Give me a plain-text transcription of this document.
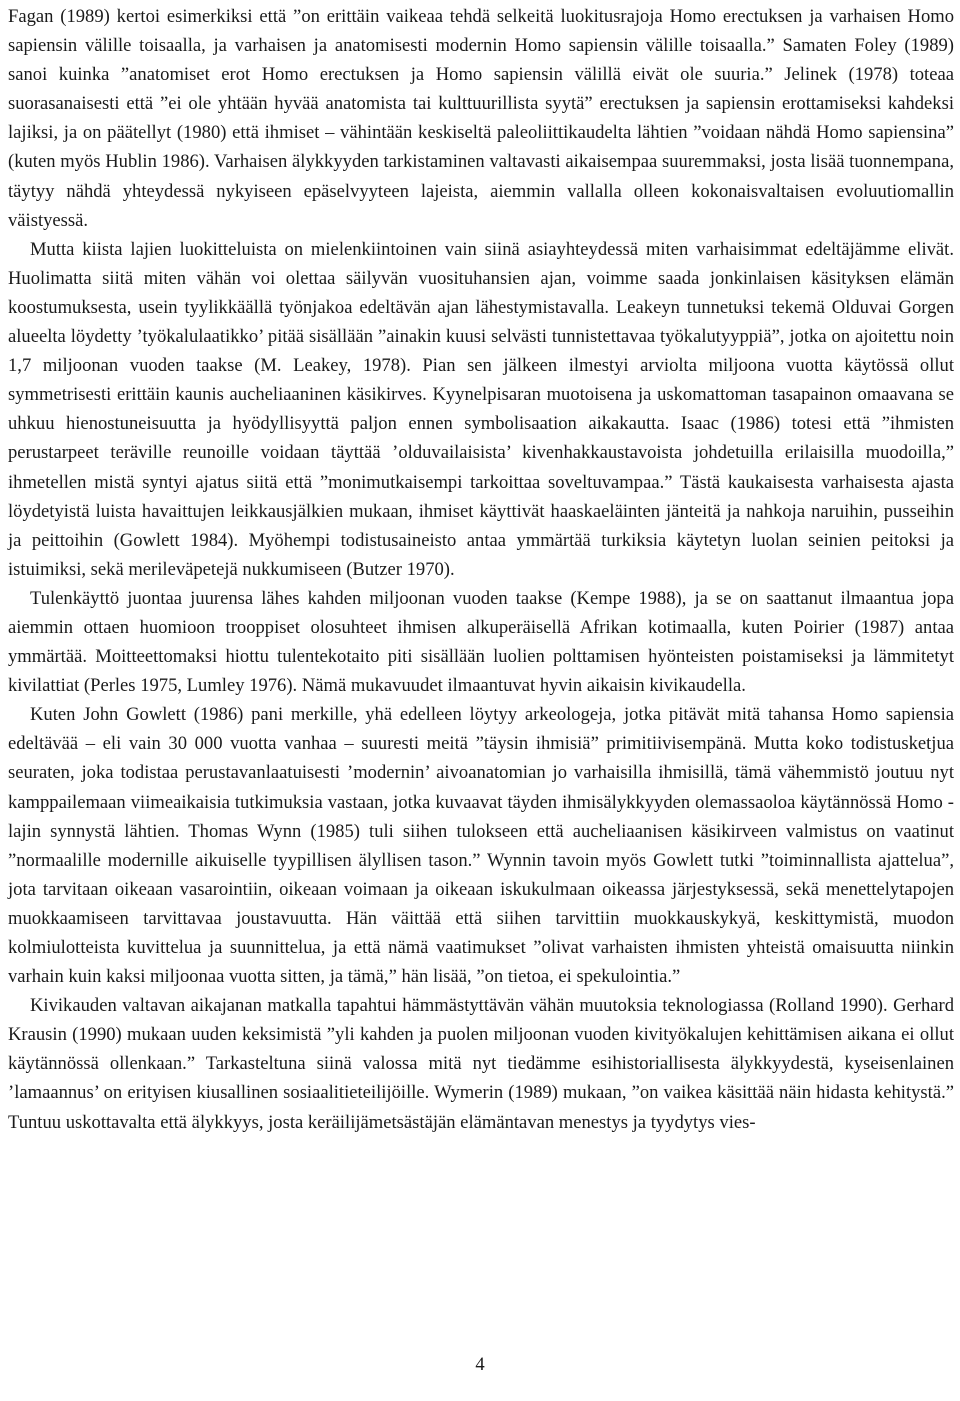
Fagan (1989) kertoi esimerkiksi että ”on erittäin vaikeaa tehdä selkeitä luokitusrajoja Homo erectuksen ja varhaisen Homo sapiensin välille toisaalla, ja varhaisen ja anatomisesti modernin Homo sapiensin välille toisaalla.” Samaten Foley (1989) sanoi kuinka ”anatomiset erot Homo erectuksen ja Homo sapiensin välillä eivät ole suuria.” Jelinek (1978) toteaa suorasanaisesti että ”ei ole yhtään hyvää anatomista tai kulttuurillista syytä” erectuksen ja sapiensin erottamiseksi kahdeksi lajiksi, ja on päätellyt (1980) että ihmiset – vähintään keskiseltä paleoliittikaudelta lähtien ”voidaan nähdä Homo sapiensina” (kuten myös Hublin 1986). Varhaisen älykkyyden tarkistaminen valtavasti aikaisempaa suuremmaksi, josta lisää tuonnempana, täytyy nähdä yhteydessä nykyiseen epäselvyyteen lajeista, aiemmin vallalla olleen kokonaisvaltaisen evoluutiomallin väistyessä.

Mutta kiista lajien luokitteluista on mielenkiintoinen vain siinä asiayhteydessä miten varhaisimmat edeltäjämme elivät. Huolimatta siitä miten vähän voi olettaa säilyvän vuosituhansien ajan, voimme saada jonkinlaisen käsityksen elämän koostumuksesta, usein tyylikkäällä työnjakoa edeltävän ajan lähestymistavalla. Leakeyn tunnetuksi tekemä Olduvai Gorgen alueelta löydetty ’työkalulaatikko’ pitää sisällään ”ainakin kuusi selvästi tunnistettavaa työkalutyyppiä”, jotka on ajoitettu noin 1,7 miljoonan vuoden taakse (M. Leakey, 1978). Pian sen jälkeen ilmestyi arviolta miljoona vuotta käytössä ollut symmetrisesti erittäin kaunis aucheliaaninen käsikirves. Kyynelpisaran muotoisena ja uskomattoman tasapainon omaavana se uhkuu hienostuneisuutta ja hyödyllisyyttä paljon ennen symbolisaation aikakautta. Isaac (1986) totesi että ”ihmisten perustarpeet teräville reunoille voidaan täyttää ’olduvailaisista’ kivenhakkaustavoista johdetuilla erilaisilla muodoilla,” ihmetellen mistä syntyi ajatus siitä että ”monimutkaisempi tarkoittaa soveltuvampaa.” Tästä kaukaisesta varhaisesta ajasta löydetyistä luista havaittujen leikkausjälkien mukaan, ihmiset käyttivät haaskaeläinten jänteitä ja nahkoja naruihin, pusseihin ja peittoihin (Gowlett 1984). Myöhempi todistusaineisto antaa ymmärtää turkiksia käytetyn luolan seinien peitoksi ja istuimiksi, sekä merileväpetejä nukkumiseen (Butzer 1970).

Tulenkäyttö juontaa juurensa lähes kahden miljoonan vuoden taakse (Kempe 1988), ja se on saattanut ilmaantua jopa aiemmin ottaen huomioon trooppiset olosuhteet ihmisen alkuperäisellä Afrikan kotimaalla, kuten Poirier (1987) antaa ymmärtää. Moitteettomaksi hiottu tulentekotaito piti sisällään luolien polttamisen hyönteisten poistamiseksi ja lämmitetyt kivilattiat (Perles 1975, Lumley 1976). Nämä mukavuudet ilmaantuvat hyvin aikaisin kivikaudella.

Kuten John Gowlett (1986) pani merkille, yhä edelleen löytyy arkeologeja, jotka pitävät mitä tahansa Homo sapiensia edeltävää – eli vain 30 000 vuotta vanhaa – suuresti meitä ”täysin ihmisiä” primitiivisempänä. Mutta koko todistusketjua seuraten, joka todistaa perustavanlaatuisesti ’modernin’ aivoanatomian jo varhaisilla ihmisillä, tämä vähemmistö joutuu nyt kamppailemaan viimeaikaisia tutkimuksia vastaan, jotka kuvaavat täyden ihmisälykkyyden olemassaoloa käytännössä Homo -lajin synnystä lähtien. Thomas Wynn (1985) tuli siihen tulokseen että aucheliaanisen käsikirveen valmistus on vaatinut ”normaalille modernille aikuiselle tyypillisen älyllisen tason.” Wynnin tavoin myös Gowlett tutki ”toiminnallista ajattelua”, jota tarvitaan oikeaan vasarointiin, oikeaan voimaan ja oikeaan iskukulmaan oikeassa järjestyksessä, sekä menettelytapojen muokkaamiseen tarvittavaa joustavuutta. Hän väittää että siihen tarvittiin muokkauskykyä, keskittymistä, muodon kolmiulotteista kuvittelua ja suunnittelua, ja että nämä vaatimukset ”olivat varhaisten ihmisten yhteistä omaisuutta niinkin varhain kuin kaksi miljoonaa vuotta sitten, ja tämä,” hän lisää, ”on tietoa, ei spekulointia.”

Kivikauden valtavan aikajanan matkalla tapahtui hämmästyttävän vähän muutoksia teknologiassa (Rolland 1990). Gerhard Krausin (1990) mukaan uuden keksimistä ”yli kahden ja puolen miljoonan vuoden kivityökalujen kehittämisen aikana ei ollut käytännössä ollenkaan.” Tarkasteltuna siinä valossa mitä nyt tiedämme esihistoriallisesta älykkyydestä, kyseisenlainen ’lamaannus’ on erityisen kiusallinen sosiaalitieteilijöille. Wymerin (1989) mukaan, ”on vaikea käsittää näin hidasta kehitystä.” Tuntuu uskottavalta että älykkyys, josta keräilijämetsästäjän elämäntavan menestys ja tyydytys vies-

4
